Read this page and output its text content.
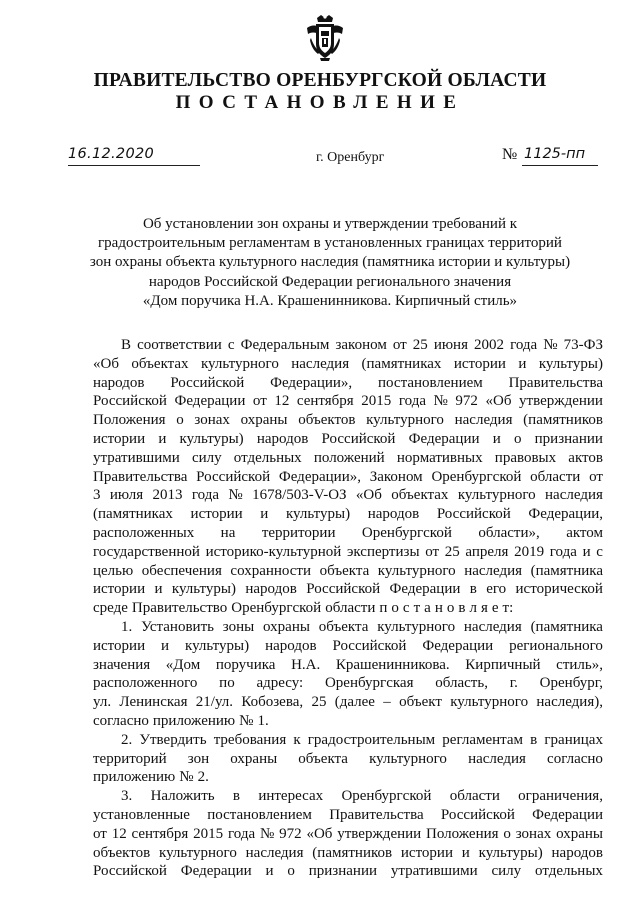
ПРАВИТЕЛЬСТВО ОРЕНБУРГСКОЙ ОБЛАСТИ
ПОСТАНОВЛЕНИЕ
16.12.2020	г. Оренбург	№ 1125-пп
Об установлении зон охраны и утверждении требований к
градостроительным регламентам в установленных границах территорий
зон охраны объекта культурного наследия (памятника истории и культуры)
народов Российской Федерации регионального значения
«Дом поручика Н.А. Крашенинникова. Кирпичный стиль»
В соответствии с Федеральным законом от 25 июня 2002 года № 73-ФЗ
«Об объектах культурного наследия (памятниках истории и культуры)
народов Российской Федерации», постановлением Правительства
Российской Федерации от 12 сентября 2015 года № 972 «Об утверждении
Положения о зонах охраны объектов культурного наследия (памятников
истории и культуры) народов Российской Федерации и о признании
утратившими силу отдельных положений нормативных правовых актов
Правительства Российской Федерации», Законом Оренбургской области от
3 июля 2013 года № 1678/503-V-ОЗ «Об объектах культурного наследия
(памятниках истории и культуры) народов Российской Федерации,
расположенных на территории Оренбургской области», актом
государственной историко-культурной экспертизы от 25 апреля 2019 года и с
целью обеспечения сохранности объекта культурного наследия (памятника
истории и культуры) народов Российской Федерации в его исторической
среде Правительство Оренбургской области п о с т а н о в л я е т:
1. Установить зоны охраны объекта культурного наследия (памятника
истории и культуры) народов Российской Федерации регионального
значения «Дом поручика Н.А. Крашенинникова. Кирпичный стиль»,
расположенного по адресу: Оренбургская область, г. Оренбург,
ул. Ленинская 21/ул. Кобозева, 25 (далее – объект культурного наследия),
согласно приложению № 1.
2. Утвердить требования к градостроительным регламентам в границах
территорий зон охраны объекта культурного наследия согласно
приложению № 2.
3. Наложить в интересах Оренбургской области ограничения,
установленные постановлением Правительства Российской Федерации
от 12 сентября 2015 года № 972 «Об утверждении Положения о зонах охраны
объектов культурного наследия (памятников истории и культуры) народов
Российской Федерации и о признании утратившими силу отдельных
